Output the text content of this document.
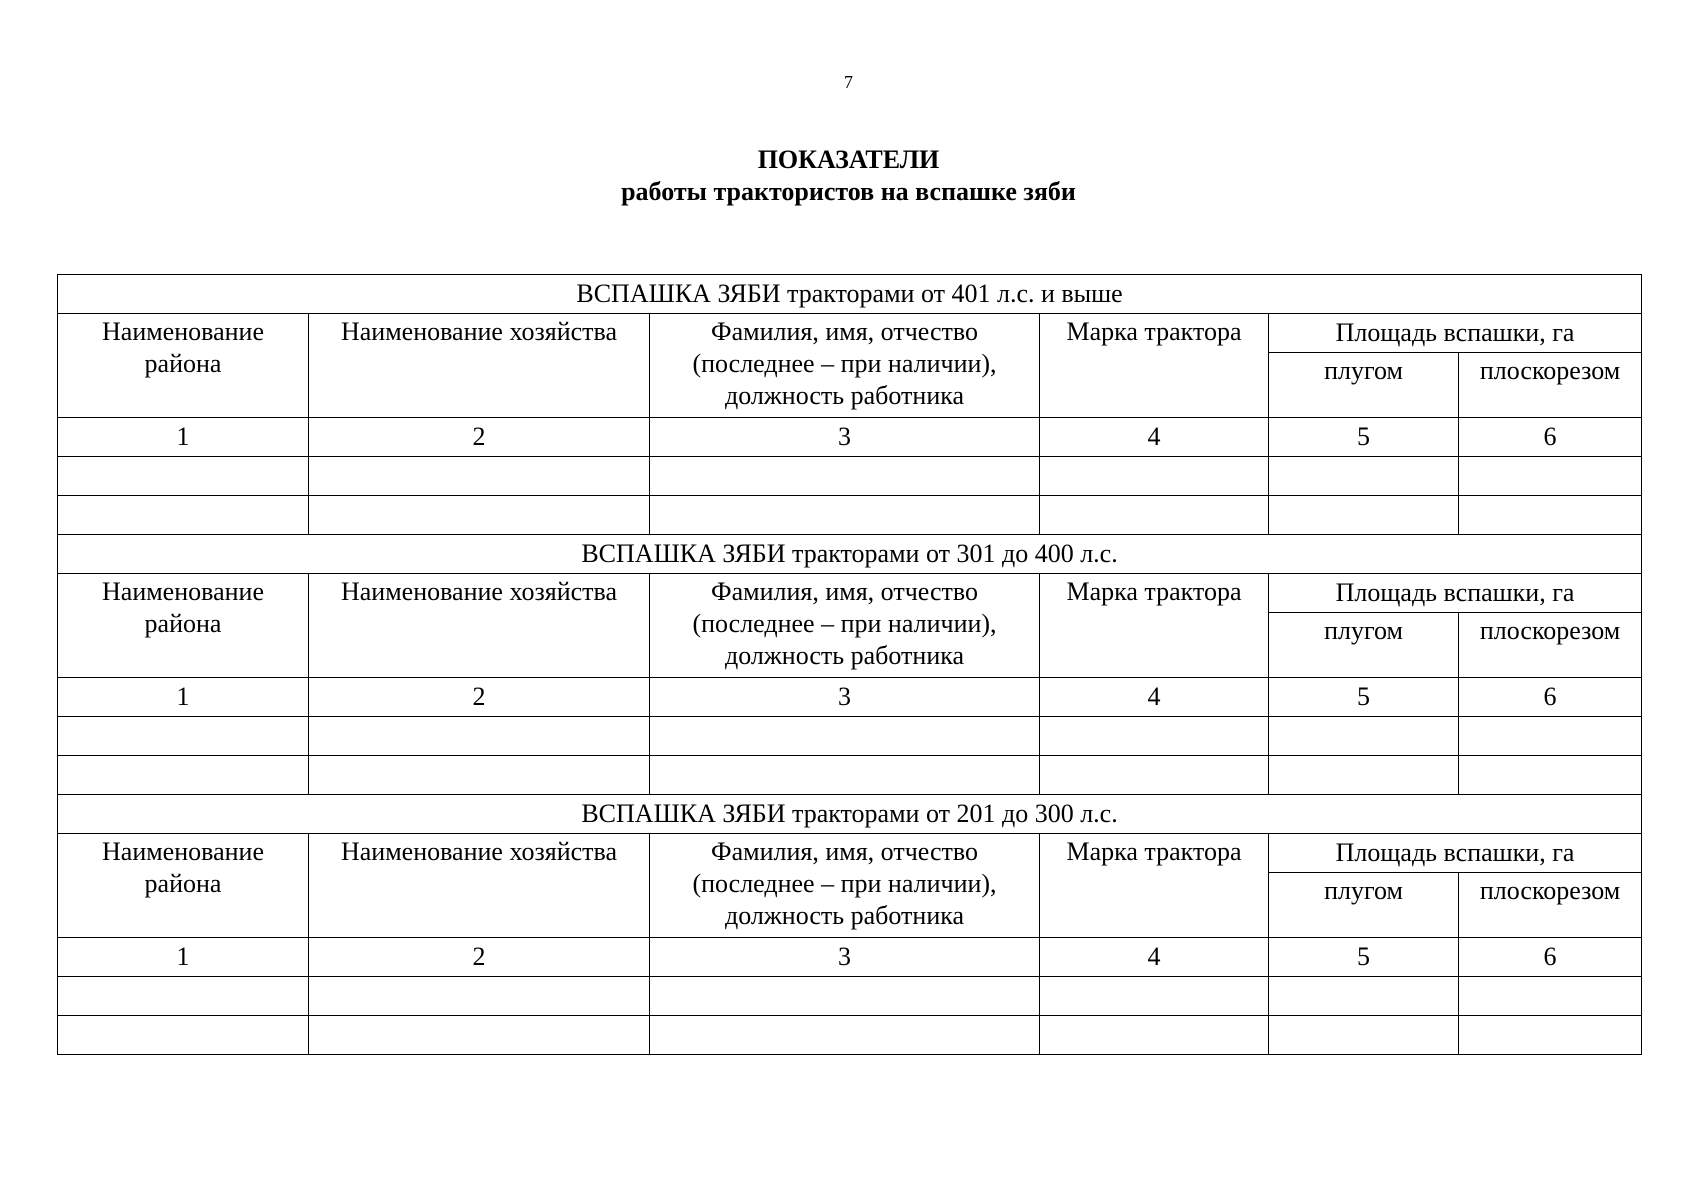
7
ПОКАЗАТЕЛИ
работы трактористов на вспашке зяби
ВСПАШКА ЗЯБИ тракторами от 401 л.с. и выше					
Наименование района	Наименование хозяйства	Фамилия, имя, отчество (последнее – при наличии), должность работника	Марка трактора	Площадь вспашки, га	
				плугом	плоскорезом
1	2	3	4	5	6

ВСПАШКА ЗЯБИ тракторами от 301 до 400 л.с.					
Наименование района	Наименование хозяйства	Фамилия, имя, отчество (последнее – при наличии), должность работника	Марка трактора	Площадь вспашки, га	
				плугом	плоскорезом
1	2	3	4	5	6

ВСПАШКА ЗЯБИ тракторами от 201 до 300 л.с.					
Наименование района	Наименование хозяйства	Фамилия, имя, отчество (последнее – при наличии), должность работника	Марка трактора	Площадь вспашки, га	
				плугом	плоскорезом
1	2	3	4	5	6
